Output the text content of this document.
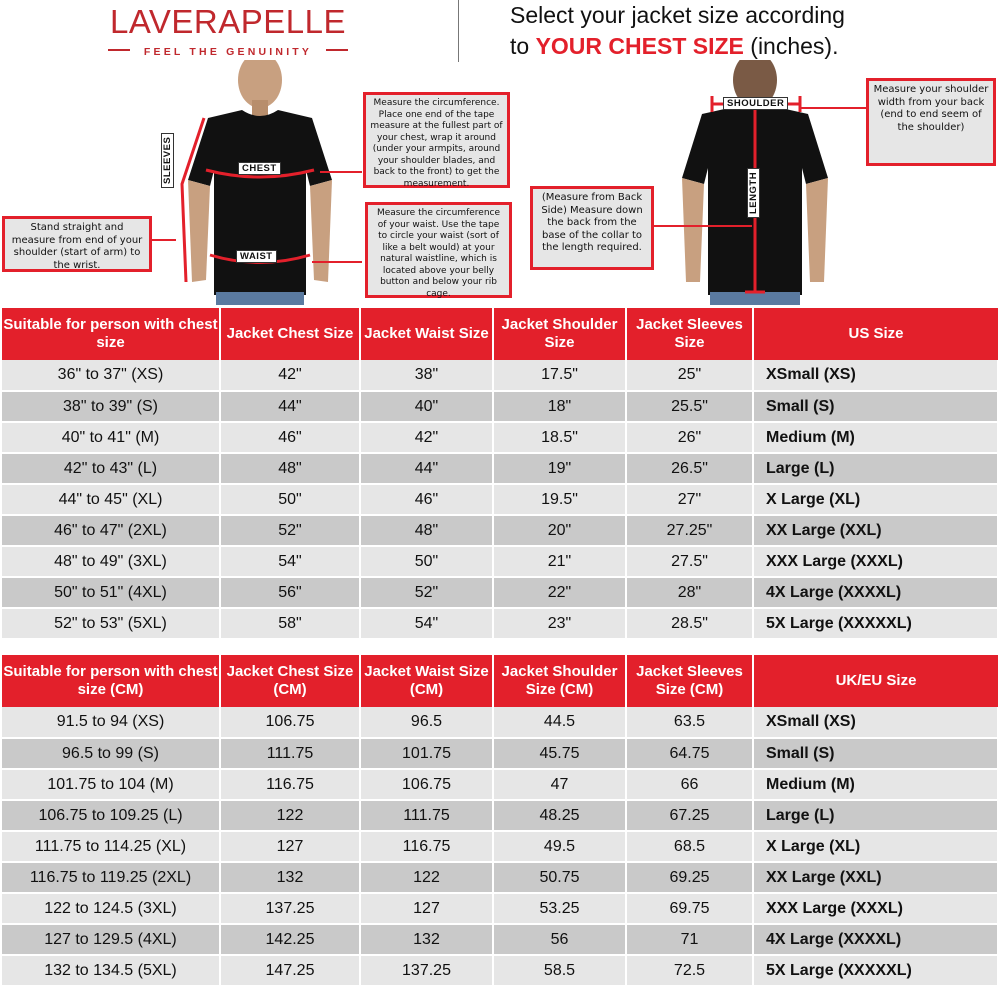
LAVERAPELLE
FEEL THE GENUINITY
Select your jacket size according
to YOUR CHEST SIZE (inches).
CHEST
WAIST
SLEEVES
Measure the circumference. Place one end of the tape measure at the fullest part of your chest, wrap it around (under your armpits, around your shoulder blades, and back to the front) to get the measurement.
Measure the circumference of your waist. Use the tape to circle your waist (sort of like a belt would) at your natural waistline, which is located above your belly button and below your rib cage.
Stand straight and measure from end of your shoulder (start of arm) to the wrist.
SHOULDER
LENGTH
Measure your shoulder width from your back (end to end seem of the shoulder)
(Measure from Back Side) Measure down the back from the base of the collar to the length required.
Suitable for person with chest size	Jacket Chest Size	Jacket Waist Size	Jacket Shoulder Size	Jacket Sleeves Size	US Size
36" to 37" (XS)	42"	38"	17.5"	25"	XSmall (XS)
38" to 39" (S)	44"	40"	18"	25.5"	Small (S)
40" to 41" (M)	46"	42"	18.5"	26"	Medium (M)
42" to 43" (L)	48"	44"	19"	26.5"	Large (L)
44" to 45" (XL)	50"	46"	19.5"	27"	X Large (XL)
46" to 47" (2XL)	52"	48"	20"	27.25"	XX Large (XXL)
48" to 49" (3XL)	54"	50"	21"	27.5"	XXX Large (XXXL)
50" to 51" (4XL)	56"	52"	22"	28"	4X Large (XXXXL)
52" to 53" (5XL)	58"	54"	23"	28.5"	5X Large (XXXXXL)
Suitable for person with chest size (CM)	Jacket Chest Size (CM)	Jacket Waist Size (CM)	Jacket Shoulder Size (CM)	Jacket Sleeves Size (CM)	UK/EU Size
91.5 to 94 (XS)	106.75	96.5	44.5	63.5	XSmall (XS)
96.5 to 99 (S)	111.75	101.75	45.75	64.75	Small (S)
101.75 to 104 (M)	116.75	106.75	47	66	Medium (M)
106.75 to 109.25 (L)	122	111.75	48.25	67.25	Large (L)
111.75 to 114.25 (XL)	127	116.75	49.5	68.5	X Large (XL)
116.75 to 119.25 (2XL)	132	122	50.75	69.25	XX Large (XXL)
122 to 124.5 (3XL)	137.25	127	53.25	69.75	XXX Large (XXXL)
127 to 129.5 (4XL)	142.25	132	56	71	4X Large (XXXXL)
132 to 134.5 (5XL)	147.25	137.25	58.5	72.5	5X Large (XXXXXL)
